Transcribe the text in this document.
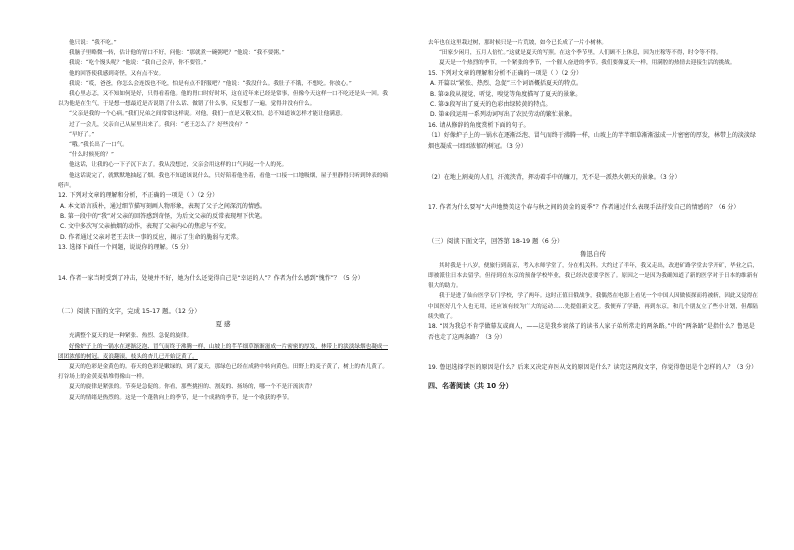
他只说：“我不吃。”

我脑子里略微一转，估计他的胃口不好，问他：“那就煮一碗粥吧？”他说：“我不要粥。”

我说：“吃个馒头呢？”他说：“我自己会弄，你不要管。”

他的回答使我感到奇怪，又有点不安。

我说：“哎，爸爸，你怎么会连饭也不吃，怕是有点不舒服吧？”他说：“我没什么。我肚子不饿，不想吃。你放心。”

我心里忐忑，又不知如何是好，只得看着他。他的胃口时好时坏，这在近年来已经是常事，但像今天这样一口不吃还是头一回。我以为他是在生气，于是想一想最近是否说错了什么话、做错了什么事，反复想了一遍，觉得并没有什么。

“父亲是我的一个心病。”我们兄弟之间常常这样说。对他，我们一直是又敬又怕，总不知道该怎样才能让他满意。

过了一会儿，父亲自己从屋里出来了。我问：“老王怎么了？好些没有？”

“早好了。”

“哦。”我长出了一口气。

“什么时候死的？”

他这话，让我的心一下子沉下去了。我从没想过，父亲会用这样的口气问起一个人的死。

他这话说完了，就默默地抽起了烟。我也不知道该说什么，只好陪着他坐着，看他一口接一口地吸烟，屋子里静得只听到钟表的嘀嗒声。

12. 下列对文章的理解和分析，不正确的一项是（ ）（2 分）

A. 本文语言质朴，通过细节描写刻画人物形象，表现了父子之间深沉的情感。

B. 第一段中的“我”对父亲的回答感到奇怪，为后文父亲的反常表现埋下伏笔。

C. 文中多次写父亲抽烟的动作，表现了父亲内心的焦虑与不安。

D. 作者通过父亲对老王去世一事的反应，揭示了生命的脆弱与无常。

13. 选择下面任一个问题，说说你的理解。（5 分）

14. 作者一家当时受到了冲击，处境并不好，她为什么还觉得自己是“幸运的人”？作者为什么感到“愧怍”？（5 分）

（二）阅读下面的文字，完成 15-17 题。（12 分）

夏 感

充满整个夏天的是一种紧张、热烈、急促的旋律。

好像炉子上的一锅水在逐渐泛泡、冒气而终于沸腾一样，山坡上的芊芊细草渐渐滋成一片密密的厚发，林带上的淡淡绿烟也凝成一团团浓郁的树冠。麦浪翻滚，枝头的杏儿已开始泛黄了。

夏天的色彩是金黄色的。春天的色彩是嫩绿的，到了夏天，那绿色已经在成熟中转向黄色。田野上的麦子黄了，树上的杏儿黄了。打谷场上的金黄麦秸堆得像山一样。

夏天的旋律是紧张的。节奏是急促的。你看，那些挑担的、割麦的、扬场的，哪一个不是汗流浃背？

夏天的情绪是热烈的。这是一个蓬勃向上的季节，是一个成熟的季节，是一个收获的季节。

去年也在这里栽过树，那时候只是一片荒坡，如今已长成了一片小树林。

“田家少闲月，五月人倍忙。”这就是夏天的写照。在这个季节里，人们顾不上休息，因为庄稼等不得，时令等不得。

夏天是一个热烈的季节，一个紧张的季节，一个催人奋进的季节。我们要像夏天一样，用满腔的热情去迎接生活的挑战。

15. 下列对文章的理解和分析不正确的一项是（ ）（2 分）

A. 开篇以“紧张、热烈、急促”三个词语概括夏天的特点。

B. 第②段从视觉、听觉、嗅觉等角度描写了夏天的景象。

C. 第③段写出了夏天的色彩由绿转黄的特点。

D. 第④段运用一系列动词写出了农民劳动的繁忙景象。

16. 请从修辞的角度赏析下面的句子。

（1）好像炉子上的一锅水在逐渐泛泡、冒气而终于沸腾一样，山坡上的芊芊细草渐渐滋成一片密密的厚发，林带上的淡淡绿烟也凝成一团团浓郁的树冠。（3 分）

（2）在地上割麦的人们，汗流浃背，挥动着手中的镰刀，无不是一派热火朝天的景象。（3 分）

17. 作者为什么要写“大声地赞美这个春与秋之间的黄金的夏季”？作者通过什么表现手法抒发自己的情感的？（6 分）

（三）阅读下面文字，回答第 18-19 题（6 分）

鲁迅自传

其时我是十八岁，便旅行到南京，考入水师学堂了，分在机关科。大约过了半年，我又走出，改进矿路学堂去学开矿，毕业之后，即被派往日本去留学。但待到在东京的预备学校毕业，我已经决意要学医了。原因之一是因为我确知道了新的医学对于日本的维新有很大的助力。

我于是进了仙台医学专门学校，学了两年。这时正值日俄战争，我偶然在电影上看见一个中国人因做侦探而将被斩，因此又觉得在中国医好几个人也无用，还应该有较为广大的运动……先提倡新文艺。我便弃了学籍，再到东京，和几个朋友立了些小计划，但都陆续失败了。

18. “因为我总不肯学做幕友或商人，——这是我乡衰落了的读书人家子弟所常走的两条路。”中的“两条路”是指什么？鲁迅是否也走了这两条路？（3 分）

19. 鲁迅选择学医的原因是什么？后来又决定弃医从文的原因是什么？读完这两段文字，你觉得鲁迅是个怎样的人？（3 分）

四、名著阅读（共 10 分）
